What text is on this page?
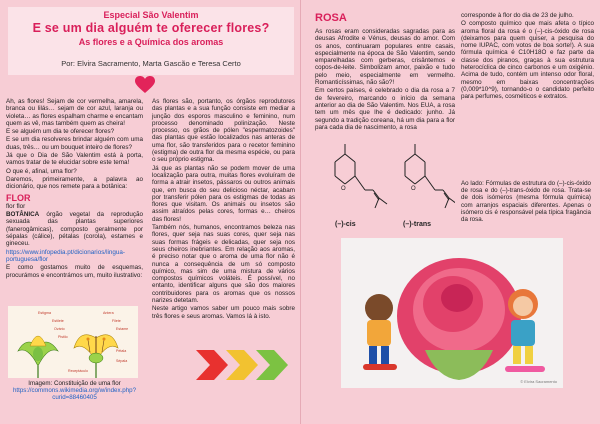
Especial São Valentim
E se um dia alguém te oferecer flores?
As flores e a Química dos aromas
Por: Elvira Sacramento, Marta Gascão e Teresa Certo

Ah, as flores! Sejam de cor vermelha, amarela, branca ou lilás… sejam de cor azul, laranja ou violeta… as flores espalham charme e encantam quem as vê, mas também quem as cheira!

E se alguém um dia te oferecer flores?

E se um dia resolveres brindar alguém com uma duas, três… ou um bouquet inteiro de flores?

Já que o Dia de São Valentim está à porta, vamos tratar de te elucidar sobre este tema!

O que é, afinal, uma flor?

Daremos, primeiramente, a palavra ao dicionário, que nos remete para a botânica:

FLOR

flor flor

BOTÂNICA órgão vegetal da reprodução sexuada das plantas superiores (fanerogâmicas), composto geralmente por sépalas (cálice), pétalas (corola), estames e gineceu.

https://www.infopedia.pt/dicionarios/lingua-portuguesa/flor

E como gostamos muito de esquemas, procurámos e encontrámos um, muito ilustrativo:

As flores são, portanto, os órgãos reprodutores das plantas e a sua função consiste em mediar a junção dos esporos masculino e feminino, num processo denominado polinização. Neste processo, os grãos de pólen "espermatozoides" das plantas que estão localizados nas anteras de uma flor, são transferidos para o recetor feminino (estigma) de outra flor da mesma espécie, ou para o seu próprio estigma.

Já que as plantas não se podem mover de uma localização para outra, muitas flores evoluíram de forma a atrair insetos, pássaros ou outros animais que, em busca do seu delicioso néctar, acabam por transferir pólen para os estigmas de todas as flores que visitam. Os animais ou insetos são assim atraídos pelas cores, formas e… cheiros das flores!

Também nós, humanos, encontramos beleza nas flores, quer seja nas suas cores, quer seja nas suas formas frágeis e delicadas, quer seja nos seus cheiros inebriantes. Em relação aos aromas, é preciso notar que o aroma de uma flor não é nunca a consequência de um só composto químico, mas sim de uma mistura de vários compostos químicos voláteis. É possível, no entanto, identificar alguns que são dos maiores contribuidores para os aromas que os nossos narizes detetam.

Neste artigo vamos saber um pouco mais sobre três flores e seus aromas. Vamos lá à isto.

Estigma
Estilete
Ovário
Pistilo
Antera
Filete
Estame
Pétala
Sépala
Receptáculo
Imagem: Constituição de uma flor
https://commons.wikimedia.org/w/index.php?curid=88460405
ROSA

As rosas eram consideradas sagradas para as deusas Afrodite e Vénus, deusas do amor. Com os anos, continuaram populares entre casais, especialmente na época de São Valentim, sendo emparelhadas com gerberas, crisântemos e copos-de-leite. Simbolizam amor, paixão e tudo pelo meio, especialmente em vermelho. Romanticíssimas, não são?!

Em certos países, é celebrado o dia da rosa a 7 de fevereiro, marcando o início da semana anterior ao dia de São Valentim. Nos EUA, a rosa tem um mês que lhe é dedicado: junho. Já segundo a tradição coreana, há um dia para a flor para cada dia de nascimento, a rosa

corresponde à flor do dia de 23 de julho.

O composto químico que mais afeta o típico aroma floral da rosa é o (–)-cis-óxido de rosa (deixamos para quem quiser, a pesquisa do nome IUPAC, com votos de boa sorte!). A sua fórmula química é C10H18O e faz parte da classe dos piranos, graças à sua estrutura heterocíclica de cinco carbonos e um oxigénio. Acima de tudo, contém um intenso odor floral, mesmo em baixas concentrações (0,009*10^9), tornando-o o candidato perfeito para perfumes, cosméticos e extratos.

O	O
(–)-cis	(–)-trans
Ao lado: Fórmulas de estrutura do (–)-cis-óxido de rosa e do (–)-trans-óxido de rosa. Trata-se de dois isómeros (mesma fórmula química) com arranjos espaciais diferentes. Apenas o isómero cis é responsável pela típica fragância da rosa.
© Elvira Sacramento
